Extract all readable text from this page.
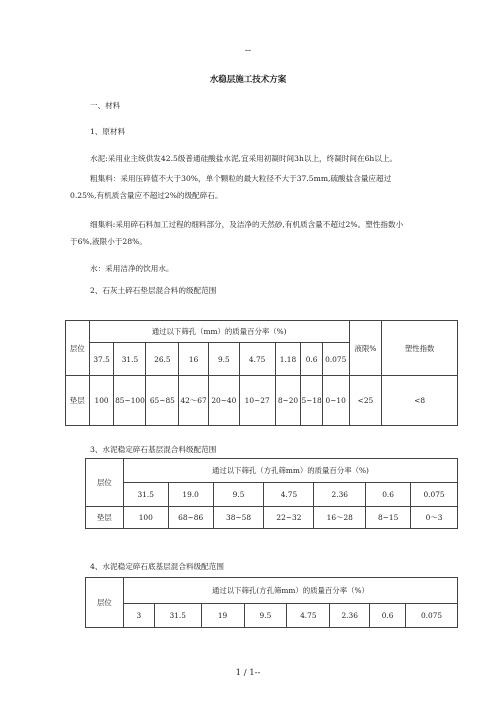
--
水稳层施工技术方案
一、材料
1、原材料
水泥:采用业主统供发42.5级普通硅酸盐水泥,宜采用初凝时间3h以上，终凝时间在6h以上。
粗集料：采用压碎值不大于30%，单个颗粒的最大粒径不大于37.5mm,硫酸盐含量应超过
0.25%,有机质含量应不超过2%的级配碎石。
细集料:采用碎石料加工过程的细料部分，及洁净的天然砂,有机质含量不超过2%。塑性指数小
于6%,液限小于28%。
水：采用洁净的饮用水。
2、石灰土碎石垫层混合料的级配范围
层位	通过以下筛孔（mm）的质量百分率（%)									液限%	塑性指数
	37.5	31.5	26.5	16	9.5	4.75	1.18	0.6	0.075		

垫层	100	85~100	65~85	42～67	20~40	10~27	8~20	5~18	0~10	<25	<8
3、水泥稳定碎石基层混合料级配范围
层位	通过以下筛孔（方孔筛mm）的质量百分率（%)						
	31.5	19.0	9.5	4.75	2.36	0.6	0.075
垫层	100	68~86	38~58	22~32	16～28	8~15	0～3
4、水泥稳定碎石底基层混合料级配范围
层位	通过以下筛孔(方孔筛mm）的质量百分率（%）							
	3	31.5	19	9.5	4.75	2.36	0.6	0.075
1 / 1--
